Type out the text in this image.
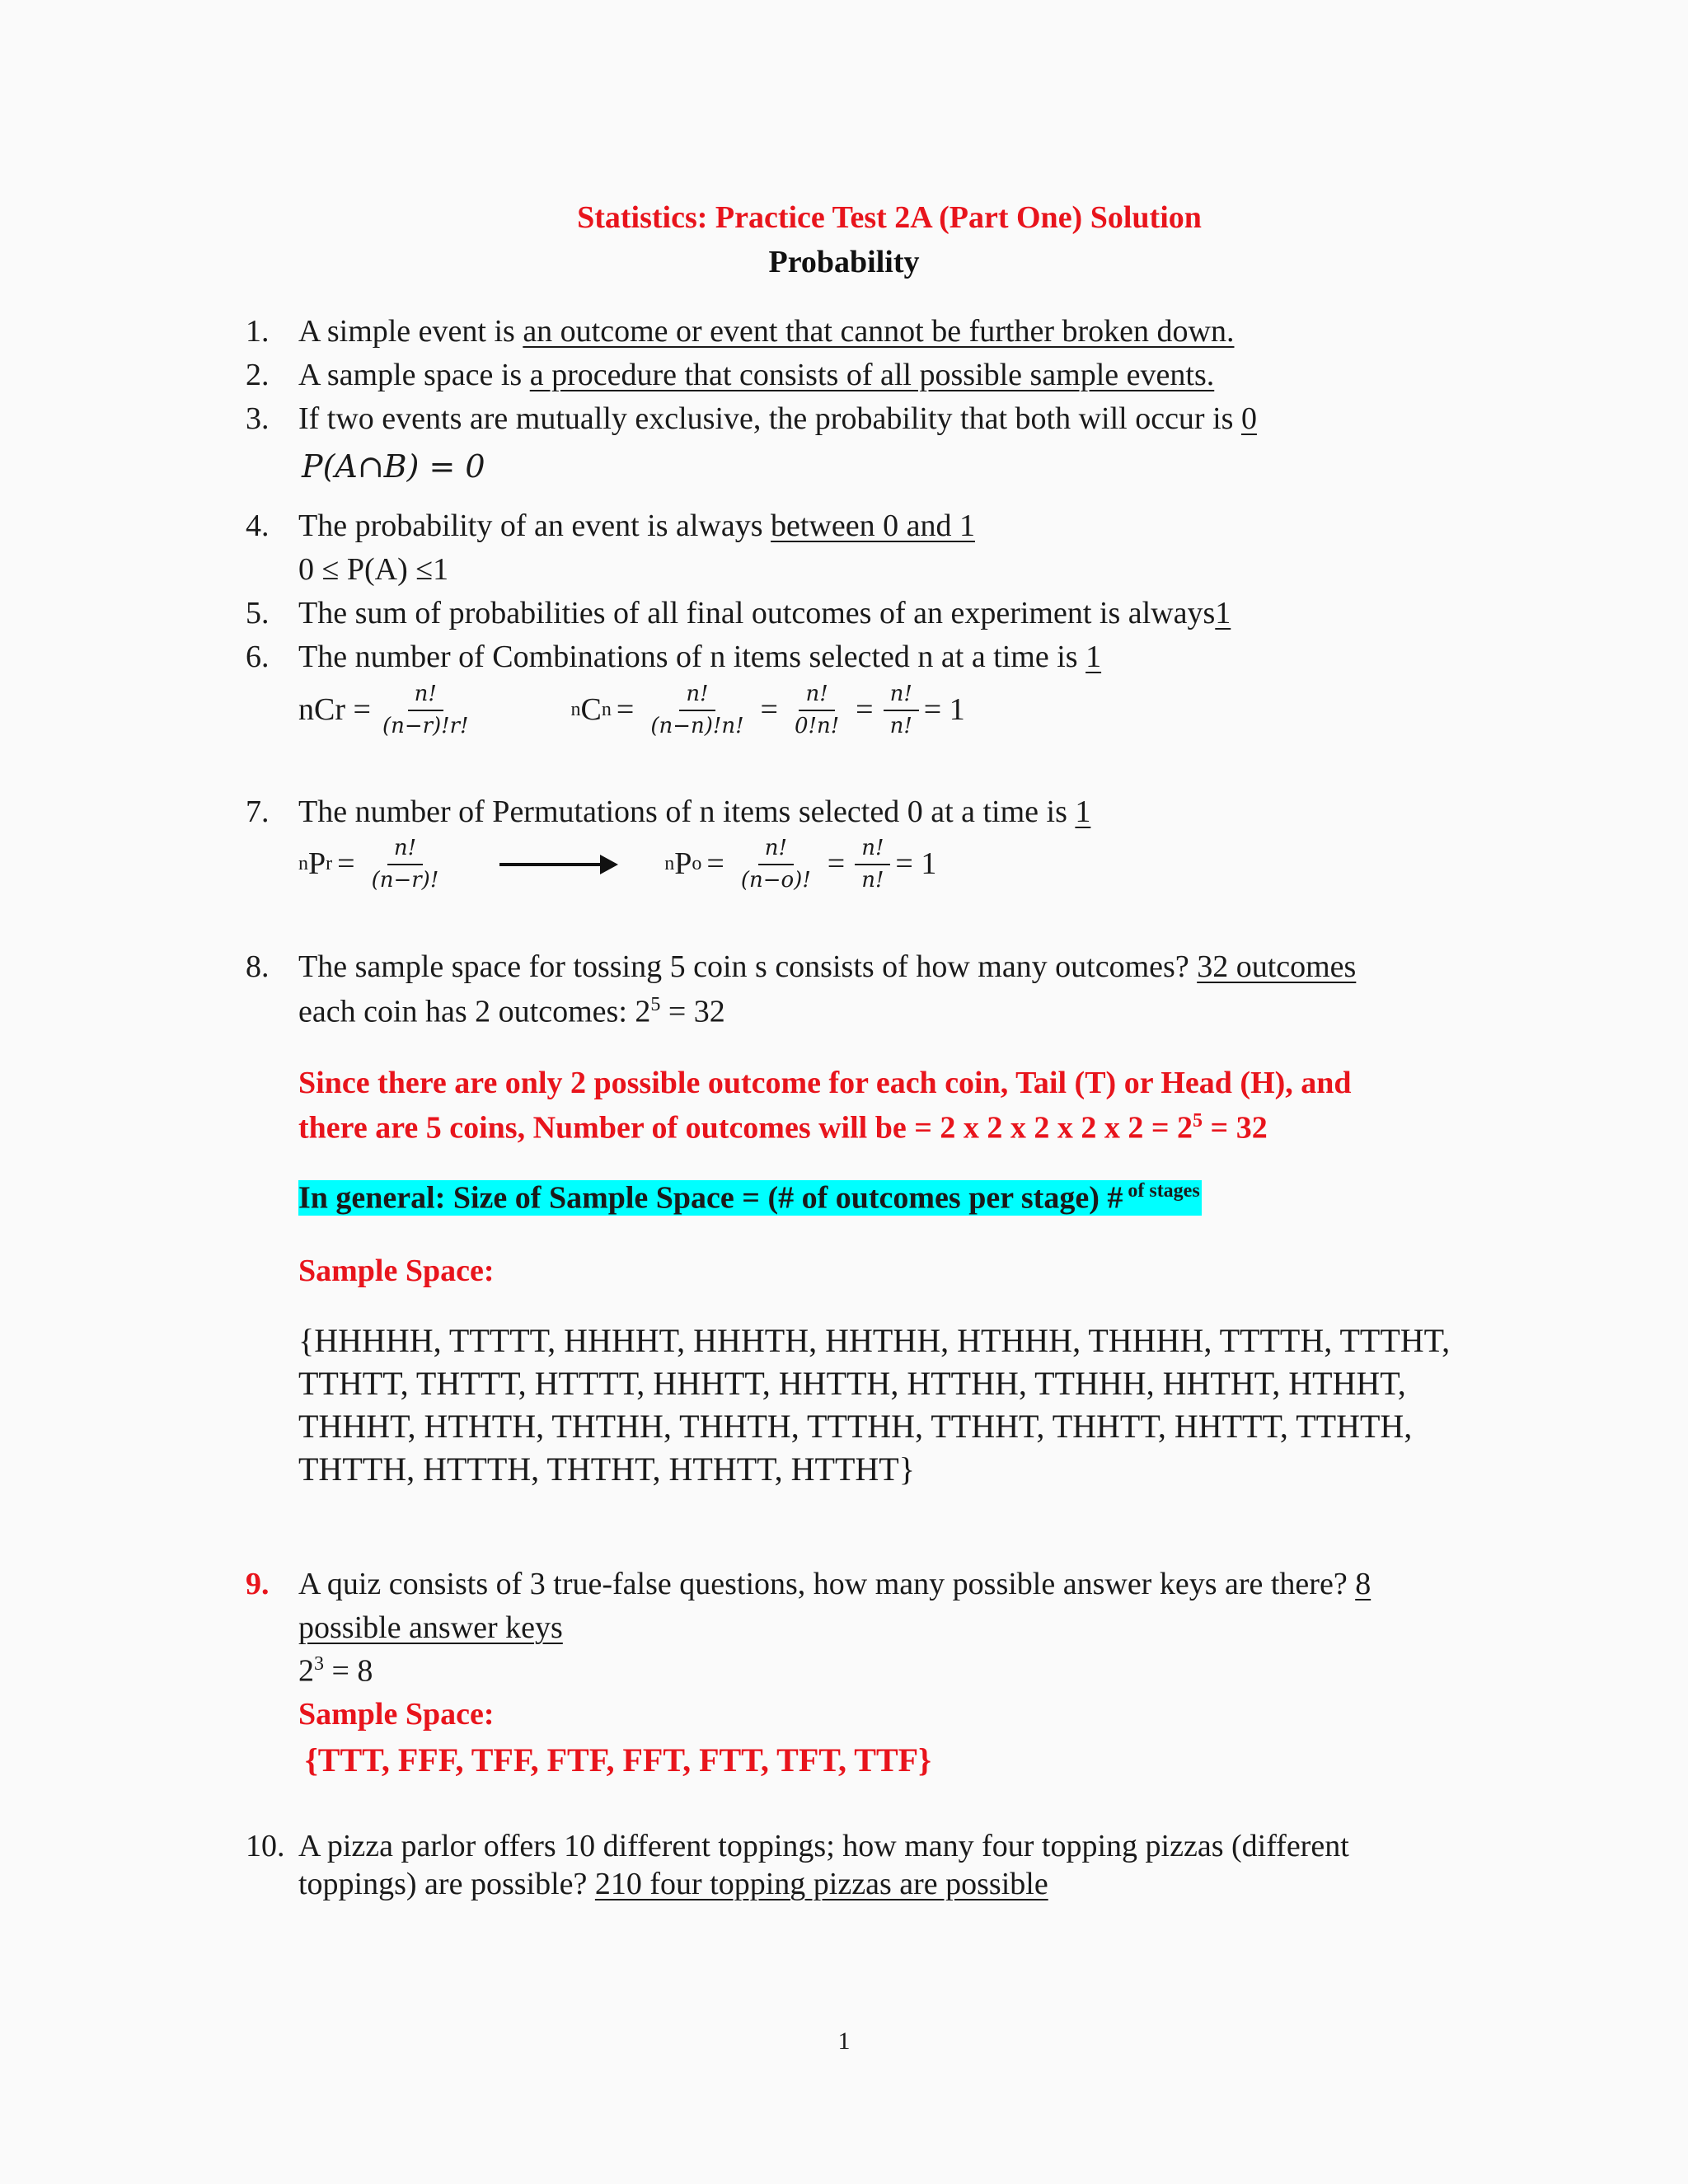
Statistics: Practice Test 2A (Part One) Solution
Probability
1. A simple event is an outcome or event that cannot be further broken down.
2. A sample space is a procedure that consists of all possible sample events.
3. If two events are mutually exclusive, the probability that both will occur is 0
P(A∩B) = 0
4. The probability of an event is always between 0 and 1
0 ≤ P(A) ≤1
5. The sum of probabilities of all final outcomes of an experiment is always1
6. The number of Combinations of n items selected n at a time is 1
nCr = $\frac{n!}{(n-r)!r!}$	n C $n = \frac{n!}{(n-n)!n!} = \frac{n!}{0!n!} = \frac{n!}{n!} = 1$
7. The number of Permutations of n items selected 0 at a time is 1
n P $r = \frac{n!}{(n-r)!}$	n P $o = \frac{n!}{(n-o)!} = \frac{n!}{n!} = 1$
8. The sample space for tossing 5 coin s consists of how many outcomes? 32 outcomes
each coin has 2 outcomes: $2^5 = 32$
Since there are only 2 possible outcome for each coin, Tail (T) or Head (H), and
there are 5 coins, Number of outcomes will be = 2 x 2 x 2 x 2 x $2 = 2^5 = 32$
In general: Size of Sample Space = (# of outcomes per stage) # $^{of stages}$
Sample Space:
{HHHHH, TTTTT, HHHHT, HHHTH, HHTHH, HTHHH, THHHH, TTTTH, TTTHT,
TTHTT, THTTT, HTTTT, HHHTT, HHTTH, HTTHH, TTHHH, HHTHT, HTHHT,
THHHT, HTHTH, THTHH, THHTH, TTTHH, TTHHT, THHTT, HHTTT, TTHTH,
THTTH, HTTTH, THTHT, HTHTT, HTTHT}
9. A quiz consists of 3 true-false questions, how many possible answer keys are there? 8
possible answer keys
$2^3 = 8$
Sample Space:
{TTT, FFF, TFF, FTF, FFT, FTT, TFT, TTF}
10. A pizza parlor offers 10 different toppings; how many four topping pizzas (different
toppings) are possible? 210 four topping pizzas are possible
1
